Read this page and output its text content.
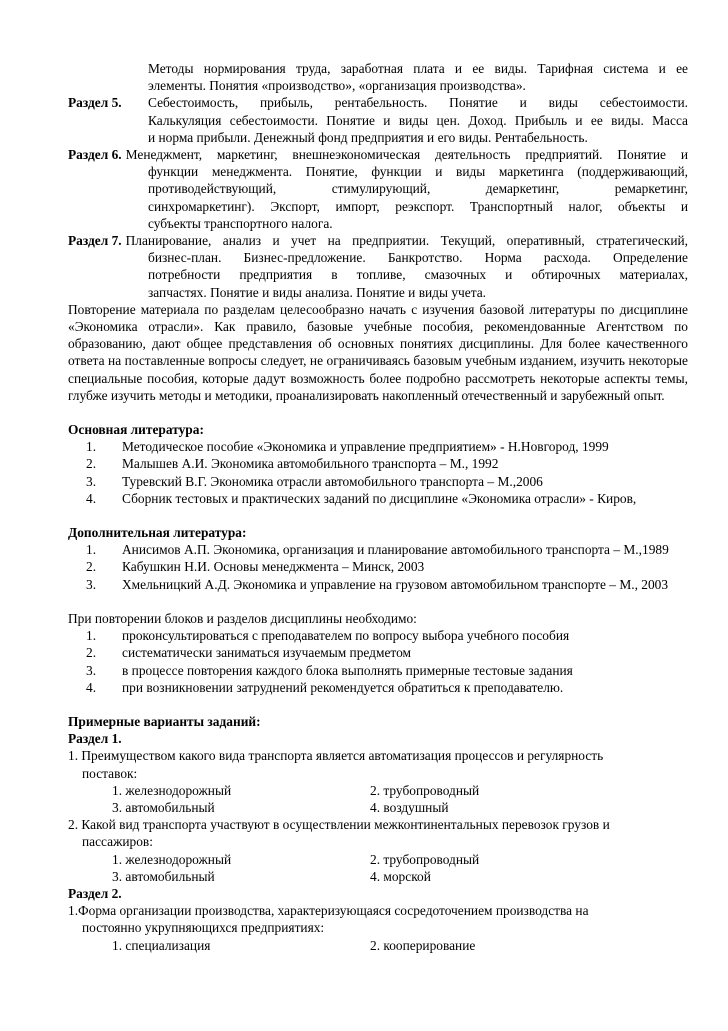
Методы нормирования труда, заработная плата и ее виды. Тарифная система и ее
элементы. Понятия «производство», «организация производства».
Раздел 5.	Себестоимость, прибыль, рентабельность. Понятие и виды себестоимости.
Калькуляция себестоимости. Понятие и виды цен. Доход. Прибыль и ее виды. Масса
и норма прибыли. Денежный фонд предприятия и его виды. Рентабельность.
Раздел 6. Менеджмент, маркетинг, внешнеэкономическая деятельность предприятий. Понятие и
функции менеджмента. Понятие, функции и виды маркетинга (поддерживающий,
противодействующий, стимулирующий, демаркетинг, ремаркетинг,
синхромаркетинг). Экспорт, импорт, реэкспорт. Транспортный налог, объекты и
субъекты транспортного налога.
Раздел 7. Планирование, анализ и учет на предприятии. Текущий, оперативный, стратегический,
бизнес-план. Бизнес-предложение. Банкротство. Норма расхода. Определение
потребности предприятия в топливе, смазочных и обтирочных материалах,
запчастях. Понятие и виды анализа. Понятие и виды учета.
Повторение материала по разделам целесообразно начать с изучения базовой литературы по дисциплине «Экономика отрасли». Как правило, базовые учебные пособия, рекомендованные Агентством по образованию, дают общее представления об основных понятиях дисциплины. Для более качественного ответа на поставленные вопросы следует, не ограничиваясь базовым учебным изданием, изучить некоторые специальные пособия, которые дадут возможность более подробно рассмотреть некоторые аспекты темы, глубже изучить методы и методики, проанализировать накопленный отечественный и зарубежный опыт.
Основная литература:
1.	Методическое пособие «Экономика и управление предприятием» - Н.Новгород, 1999
2.	Малышев А.И. Экономика автомобильного транспорта – М., 1992
3.	Туревский В.Г. Экономика отрасли автомобильного транспорта – М.,2006
4.	Сборник тестовых и практических заданий по дисциплине «Экономика отрасли» - Киров,
Дополнительная литература:
1.	Анисимов А.П. Экономика, организация и планирование автомобильного транспорта – М.,1989
2.	Кабушкин Н.И. Основы менеджмента – Минск, 2003
3.	Хмельницкий А.Д. Экономика и управление на грузовом автомобильном транспорте – М., 2003
При повторении блоков и разделов дисциплины необходимо:
1.	проконсультироваться с преподавателем по вопросу выбора учебного пособия
2.	систематически заниматься изучаемым предметом
3.	в процессе повторения каждого блока выполнять примерные тестовые задания
4.	при возникновении затруднений рекомендуется обратиться к преподавателю.
Примерные варианты заданий:
Раздел 1.
1. Преимуществом какого вида транспорта является автоматизация процессов и регулярность
поставок:
1. железнодорожный	2. трубопроводный
3. автомобильный	4. воздушный
2. Какой вид транспорта участвуют в осуществлении межконтинентальных перевозок грузов и
пассажиров:
1. железнодорожный	2. трубопроводный
3. автомобильный	4. морской
Раздел 2.
1.Форма организации производства, характеризующаяся сосредоточением производства на
постоянно укрупняющихся предприятиях:
1. специализация	2. кооперирование
